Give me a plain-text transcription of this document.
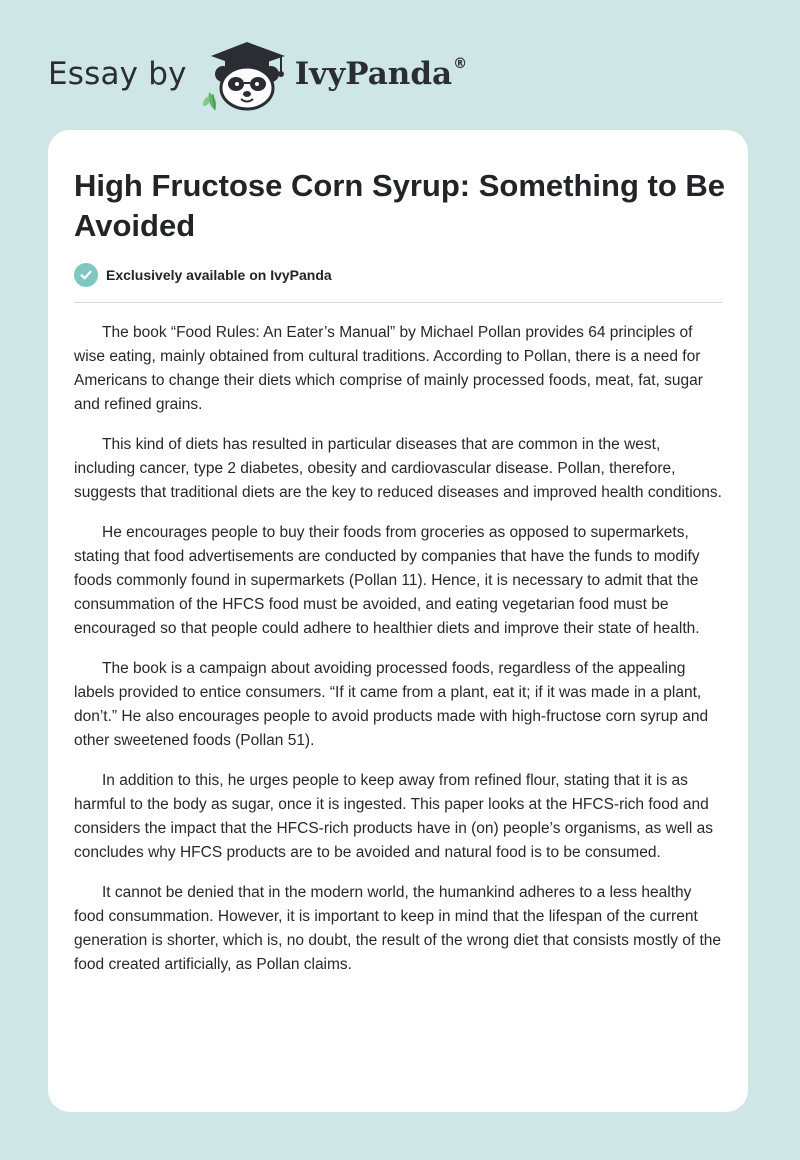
Essay by	IvyPanda®
High Fructose Corn Syrup: Something to Be Avoided
Exclusively available on IvyPanda

The book “Food Rules: An Eater’s Manual” by Michael Pollan provides 64 principles of wise eating, mainly obtained from cultural traditions. According to Pollan, there is a need for Americans to change their diets which comprise of mainly processed foods, meat, fat, sugar and refined grains.

This kind of diets has resulted in particular diseases that are common in the west, including cancer, type 2 diabetes, obesity and cardiovascular disease. Pollan, therefore, suggests that traditional diets are the key to reduced diseases and improved health conditions.

He encourages people to buy their foods from groceries as opposed to supermarkets, stating that food advertisements are conducted by companies that have the funds to modify foods commonly found in supermarkets (Pollan 11). Hence, it is necessary to admit that the consummation of the HFCS food must be avoided, and eating vegetarian food must be encouraged so that people could adhere to healthier diets and improve their state of health.

The book is a campaign about avoiding processed foods, regardless of the appealing labels provided to entice consumers. “If it came from a plant, eat it; if it was made in a plant, don’t.” He also encourages people to avoid products made with high-fructose corn syrup and other sweetened foods (Pollan 51).

In addition to this, he urges people to keep away from refined flour, stating that it is as harmful to the body as sugar, once it is ingested. This paper looks at the HFCS-rich food and considers the impact that the HFCS-rich products have in (on) people’s organisms, as well as concludes why HFCS products are to be avoided and natural food is to be consumed.

It cannot be denied that in the modern world, the humankind adheres to a less healthy food consummation. However, it is important to keep in mind that the lifespan of the current generation is shorter, which is, no doubt, the result of the wrong diet that consists mostly of the food created artificially, as Pollan claims.
